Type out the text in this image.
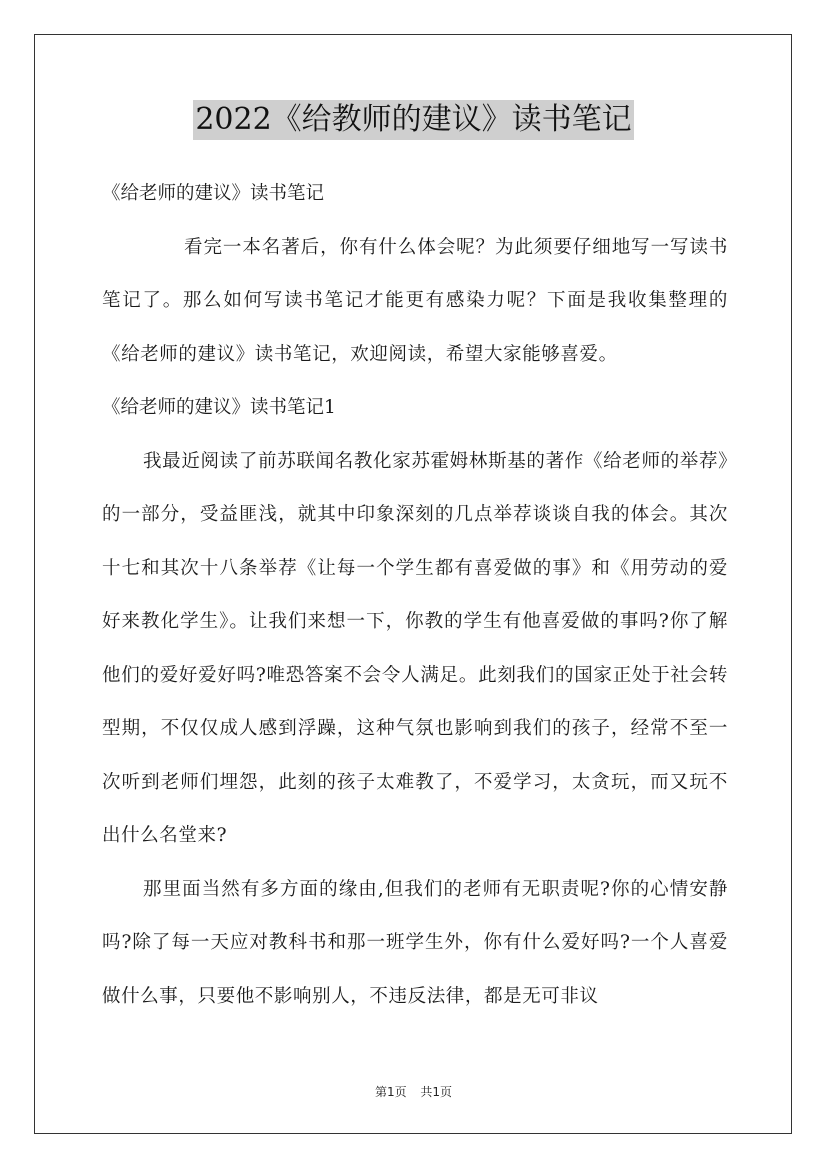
2022《给教师的建议》读书笔记

《给老师的建议》读书笔记

看完一本名著后，你有什么体会呢？为此须要仔细地写一写读书笔记了。那么如何写读书笔记才能更有感染力呢？下面是我收集整理的《给老师的建议》读书笔记，欢迎阅读，希望大家能够喜爱。

《给老师的建议》读书笔记1

我最近阅读了前苏联闻名教化家苏霍姆林斯基的著作《给老师的举荐》的一部分，受益匪浅，就其中印象深刻的几点举荐谈谈自我的体会。其次十七和其次十八条举荐《让每一个学生都有喜爱做的事》和《用劳动的爱好来教化学生》。让我们来想一下，你教的学生有他喜爱做的事吗?你了解他们的爱好爱好吗?唯恐答案不会令人满足。此刻我们的国家正处于社会转型期，不仅仅成人感到浮躁，这种气氛也影响到我们的孩子，经常不至一次听到老师们埋怨，此刻的孩子太难教了，不爱学习，太贪玩，而又玩不出什么名堂来?

那里面当然有多方面的缘由,但我们的老师有无职责呢?你的心情安静吗?除了每一天应对教科书和那一班学生外，你有什么爱好吗?一个人喜爱做什么事，只要他不影响别人，不违反法律，都是无可非议

第1页 共1页
